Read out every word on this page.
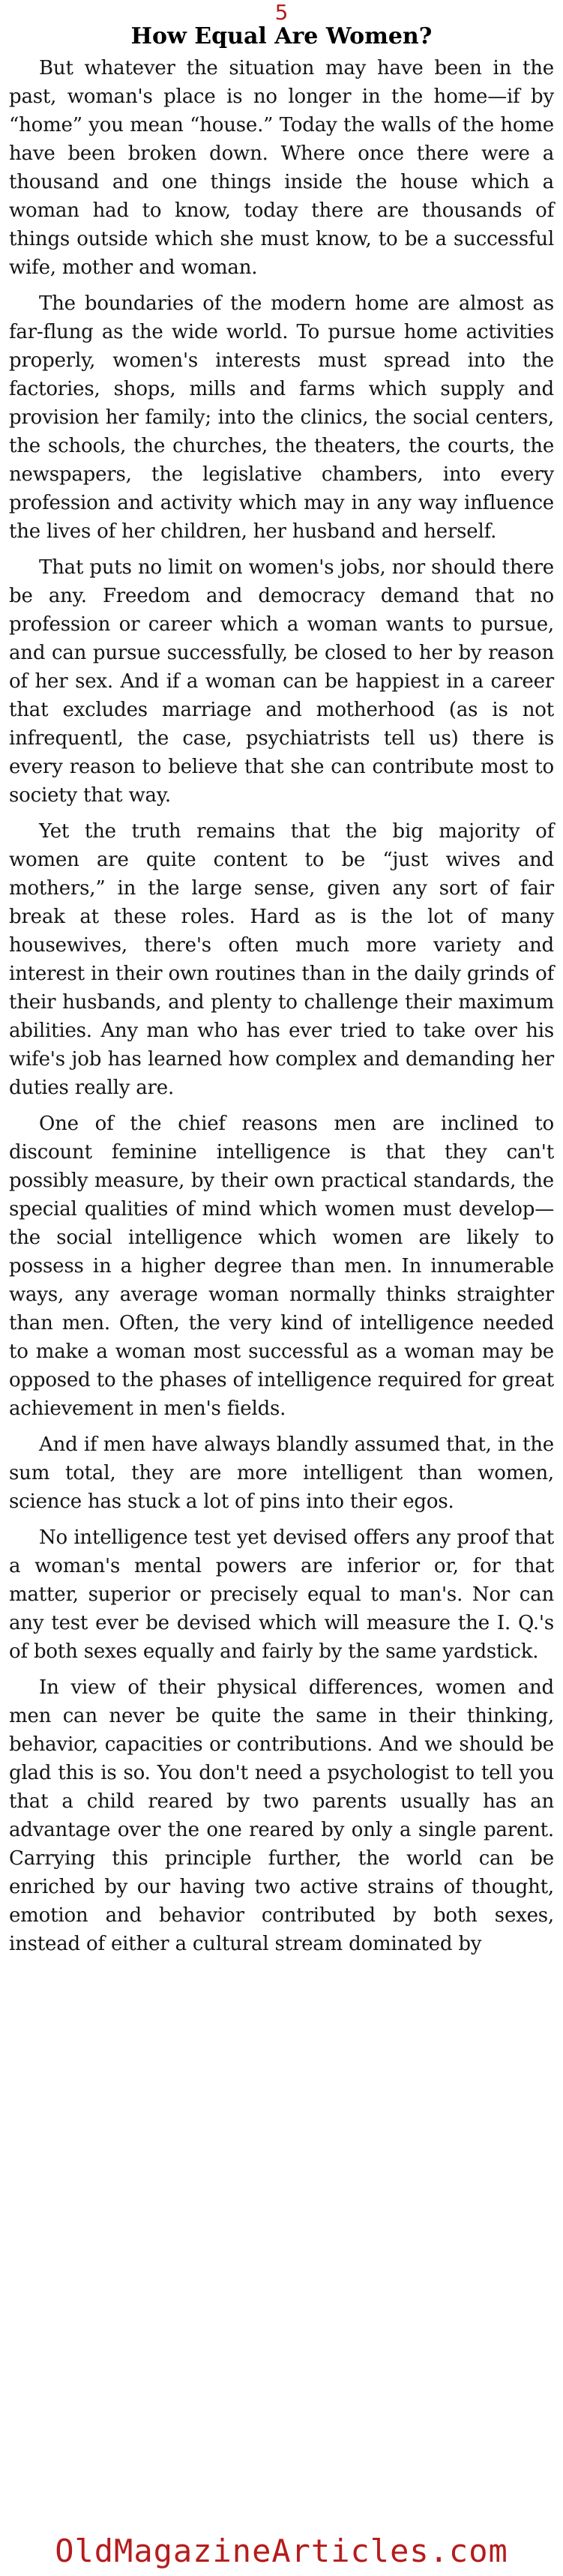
5
How Equal Are Women?

But whatever the situation may have been in the past, woman's place is no longer in the home—if by “home” you mean “house.” Today the walls of the home have been broken down. Where once there were a thousand and one things inside the house which a woman had to know, today there are thousands of things outside which she must know, to be a successful wife, mother and woman.

The boundaries of the modern home are almost as far-flung as the wide world. To pursue home activities properly, women's interests must spread into the factories, shops, mills and farms which supply and provision her family; into the clinics, the social centers, the schools, the churches, the theaters, the courts, the newspapers, the legislative chambers, into every profession and activity which may in any way influence the lives of her children, her husband and herself.

That puts no limit on women's jobs, nor should there be any. Freedom and democracy demand that no profession or career which a woman wants to pursue, and can pursue successfully, be closed to her by reason of her sex. And if a woman can be happiest in a career that excludes marriage and motherhood (as is not infrequentl, the case, psychiatrists tell us) there is every reason to believe that she can contribute most to society that way.

Yet the truth remains that the big majority of women are quite content to be “just wives and mothers,” in the large sense, given any sort of fair break at these roles. Hard as is the lot of many housewives, there's often much more variety and interest in their own routines than in the daily grinds of their husbands, and plenty to challenge their maximum abilities. Any man who has ever tried to take over his wife's job has learned how complex and demanding her duties really are.

One of the chief reasons men are inclined to discount feminine intelligence is that they can't possibly measure, by their own practical standards, the special qualities of mind which women must develop—the social intelligence which women are likely to possess in a higher degree than men. In innumerable ways, any average woman normally thinks straighter than men. Often, the very kind of intelligence needed to make a woman most successful as a woman may be opposed to the phases of intelligence required for great achievement in men's fields.

And if men have always blandly assumed that, in the sum total, they are more intelligent than women, science has stuck a lot of pins into their egos.

No intelligence test yet devised offers any proof that a woman's mental powers are inferior or, for that matter, superior or precisely equal to man's. Nor can any test ever be devised which will measure the I. Q.'s of both sexes equally and fairly by the same yardstick.

In view of their physical differences, women and men can never be quite the same in their thinking, behavior, capacities or contributions. And we should be glad this is so. You don't need a psychologist to tell you that a child reared by two parents usually has an advantage over the one reared by only a single parent. Carrying this principle further, the world can be enriched by our having two active strains of thought, emotion and behavior contributed by both sexes, instead of either a cultural stream dominated by

OldMagazineArticles.com
